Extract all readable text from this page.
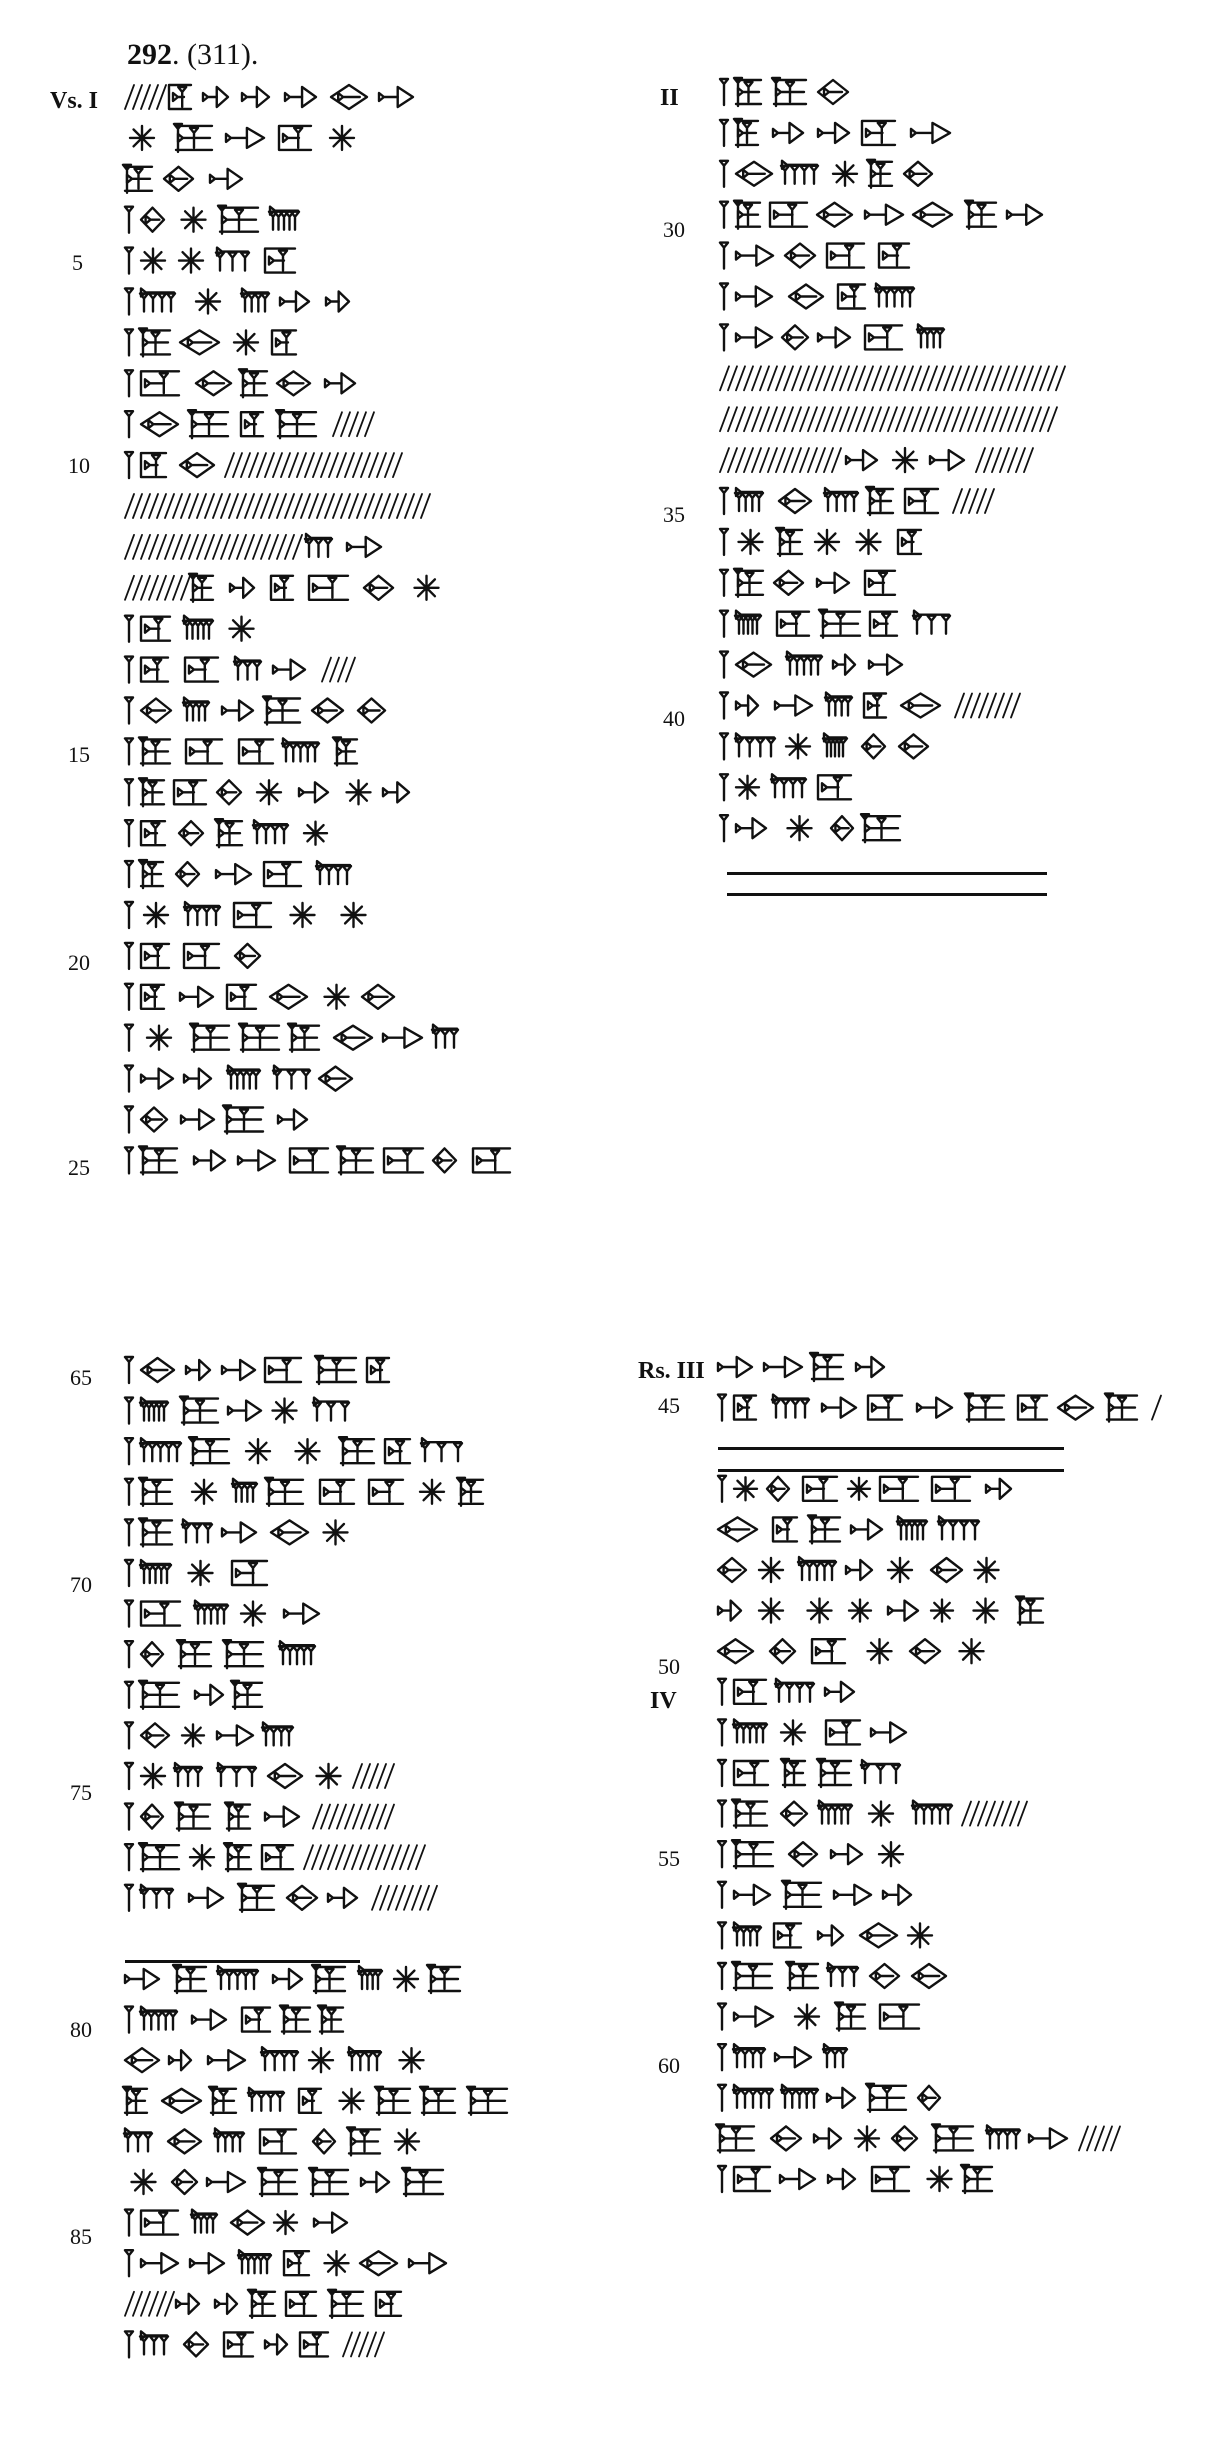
292. (311).
Vs. I	II
Rs. III
IV
5
10
15
20
25
30
35
40
65
70
75
80
85
45
50
55
60
